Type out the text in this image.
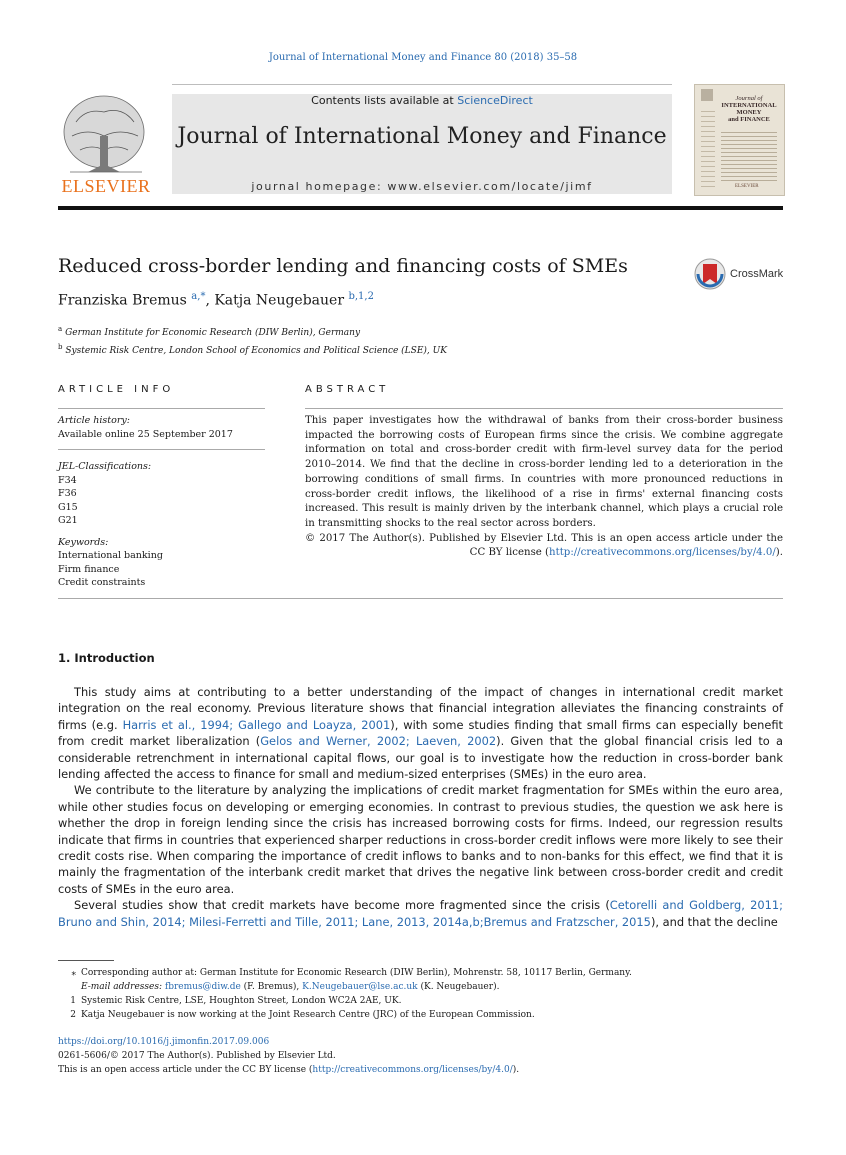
Journal of International Money and Finance 80 (2018) 35–58
ELSEVIER
Contents lists available at ScienceDirect
Journal of International Money and Finance
journal homepage: www.elsevier.com/locate/jimf
Journal of
INTERNATIONAL
MONEY
and FINANCE
ELSEVIER
Reduced cross-border lending and financing costs of SMEs	CrossMark
Franziska Bremus $^{a,*}$, Katja Neugebauer $^{b,1,2}$
$^a$ German Institute for Economic Research (DIW Berlin), Germany
$^b$ Systemic Risk Centre, London School of Economics and Political Science (LSE), UK
ARTICLE INFO	ABSTRACT
Article history:
Available online 25 September 2017
JEL-Classifications:
F34
F36
G15
G21
Keywords:
International banking
Firm finance
Credit constraints
This paper investigates how the withdrawal of banks from their cross-border business impacted the borrowing costs of European firms since the crisis. We combine aggregate information on total and cross-border credit with firm-level survey data for the period 2010–2014. We find that the decline in cross-border lending led to a deterioration in the borrowing conditions of small firms. In countries with more pronounced reductions in cross-border credit inflows, the likelihood of a rise in firms' external financing costs increased. This result is mainly driven by the interbank channel, which plays a crucial role in transmitting shocks to the real sector across borders.
© 2017 The Author(s). Published by Elsevier Ltd. This is an open access article under the CC BY license (http://creativecommons.org/licenses/by/4.0/).
1. Introduction

This study aims at contributing to a better understanding of the impact of changes in international credit market integration on the real economy. Previous literature shows that financial integration alleviates the financing constraints of firms (e.g. Harris et al., 1994; Gallego and Loayza, 2001), with some studies finding that small firms can especially benefit from credit market liberalization (Gelos and Werner, 2002; Laeven, 2002). Given that the global financial crisis led to a considerable retrenchment in international capital flows, our goal is to investigate how the reduction in cross-border bank lending affected the access to finance for small and medium-sized enterprises (SMEs) in the euro area.

We contribute to the literature by analyzing the implications of credit market fragmentation for SMEs within the euro area, while other studies focus on developing or emerging economies. In contrast to previous studies, the question we ask here is whether the drop in foreign lending since the crisis has increased borrowing costs for firms. Indeed, our regression results indicate that firms in countries that experienced sharper reductions in cross-border credit inflows were more likely to see their credit costs rise. When comparing the importance of credit inflows to banks and to non-banks for this effect, we find that it is mainly the fragmentation of the interbank credit market that drives the negative link between cross-border credit and credit costs of SMEs in the euro area.

Several studies show that credit markets have become more fragmented since the crisis (Cetorelli and Goldberg, 2011; Bruno and Shin, 2014; Milesi-Ferretti and Tille, 2011; Lane, 2013, 2014a,b;Bremus and Fratzscher, 2015), and that the decline

⁎ Corresponding author at: German Institute for Economic Research (DIW Berlin), Mohrenstr. 58, 10117 Berlin, Germany.
E-mail addresses: fbremus@diw.de (F. Bremus), K.Neugebauer@lse.ac.uk (K. Neugebauer).
1 Systemic Risk Centre, LSE, Houghton Street, London WC2A 2AE, UK.
2 Katja Neugebauer is now working at the Joint Research Centre (JRC) of the European Commission.
https://doi.org/10.1016/j.jimonfin.2017.09.006
0261-5606/© 2017 The Author(s). Published by Elsevier Ltd.
This is an open access article under the CC BY license (http://creativecommons.org/licenses/by/4.0/).
